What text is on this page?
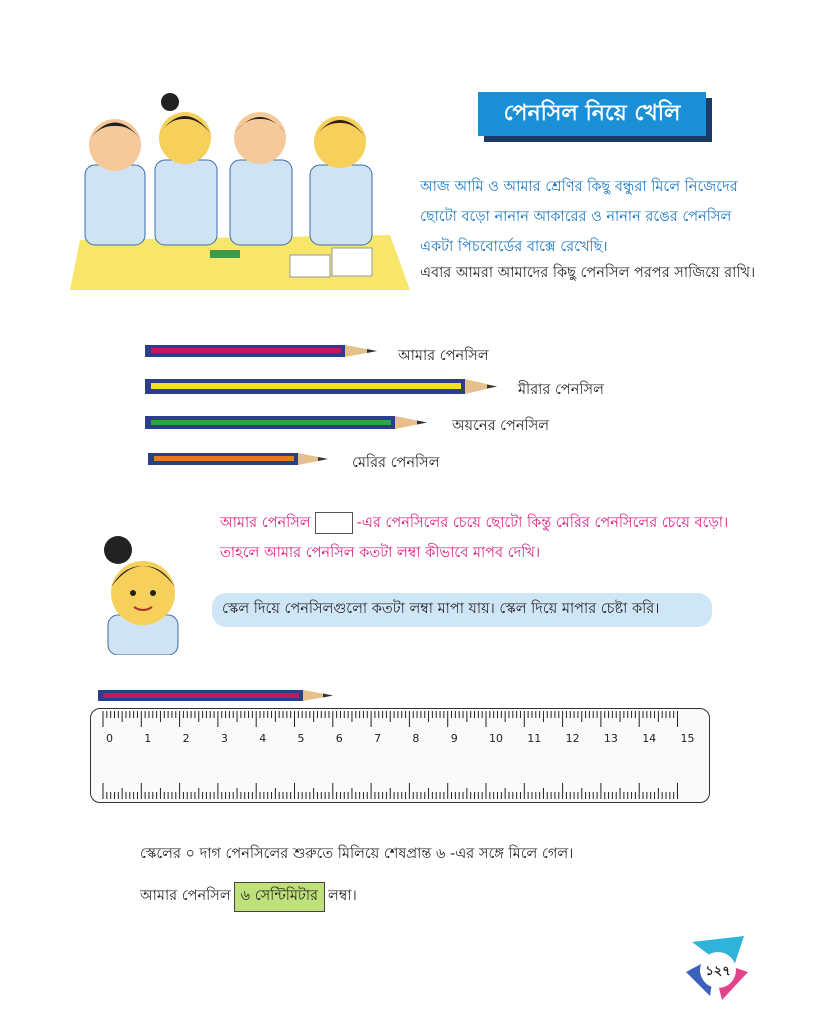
পেনসিল নিয়ে খেলি
আজ আমি ও আমার শ্রেণির কিছু বন্ধুরা মিলে নিজেদের ছোটো বড়ো নানান আকারের ও নানান রঙের পেনসিল একটা পিচবোর্ডের বাক্সে রেখেছি।
এবার আমরা আমাদের কিছু পেনসিল পরপর সাজিয়ে রাখি।
আমার পেনসিল
মীরার পেনসিল
অয়নের পেনসিল
মেরির পেনসিল
আমার পেনসিল	-এর পেনসিলের চেয়ে ছোটো কিন্তু মেরির পেনসিলের চেয়ে বড়ো। তাহলে আমার পেনসিল কতটা লম্বা কীভাবে মাপব দেখি।
স্কেল দিয়ে পেনসিলগুলো কতটা লম্বা মাপা যায়। স্কেল দিয়ে মাপার চেষ্টা করি।
0	1	2	3	4	5	6	7	8	9	10 11 12 13 14 15
স্কেলের ০ দাগ পেনসিলের শুরুতে মিলিয়ে শেষপ্রান্ত ৬ -এর সঙ্গে মিলে গেল।
আমার পেনসিল ৬ সেন্টিমিটার লম্বা।
১২৭
